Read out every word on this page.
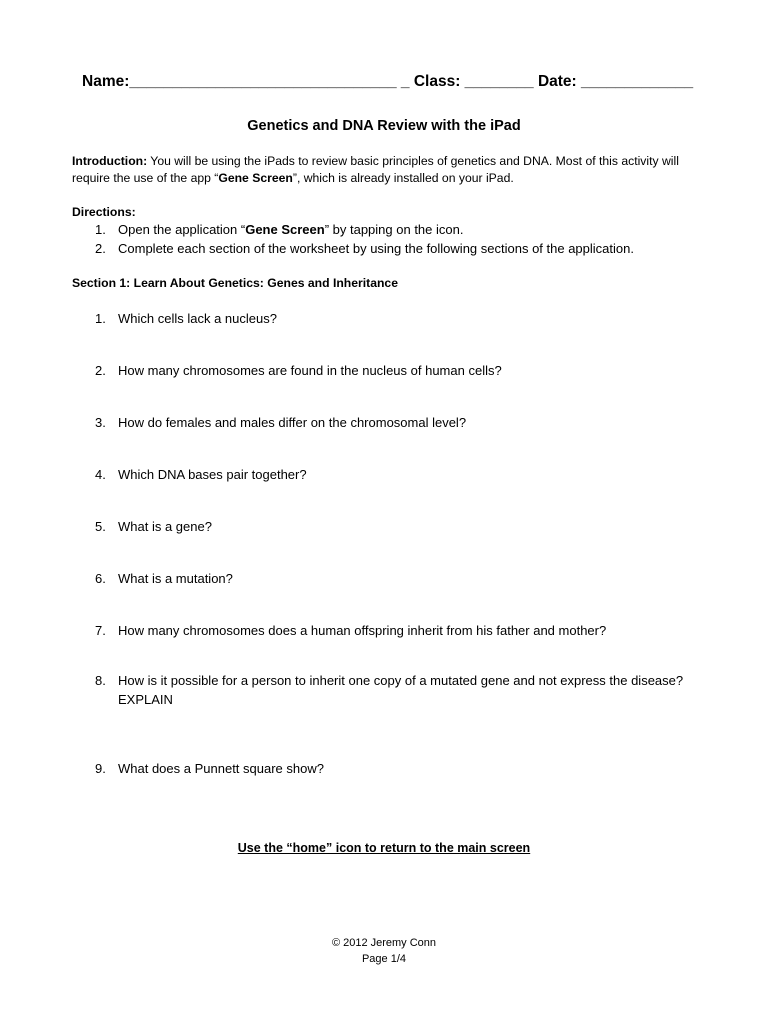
Name:_______________________________ _ Class: ________ Date: _____________
Genetics and DNA Review with the iPad
Introduction: You will be using the iPads to review basic principles of genetics and DNA. Most of this activity will require the use of the app “Gene Screen”, which is already installed on your iPad.
Directions:
1. Open the application “Gene Screen” by tapping on the icon.
2. Complete each section of the worksheet by using the following sections of the application.
Section 1: Learn About Genetics: Genes and Inheritance
1. Which cells lack a nucleus?
2. How many chromosomes are found in the nucleus of human cells?
3. How do females and males differ on the chromosomal level?
4. Which DNA bases pair together?
5. What is a gene?
6. What is a mutation?
7. How many chromosomes does a human offspring inherit from his father and mother?
8. How is it possible for a person to inherit one copy of a mutated gene and not express the disease? EXPLAIN
9. What does a Punnett square show?
Use the “home” icon to return to the main screen
© 2012 Jeremy Conn
Page 1/4
